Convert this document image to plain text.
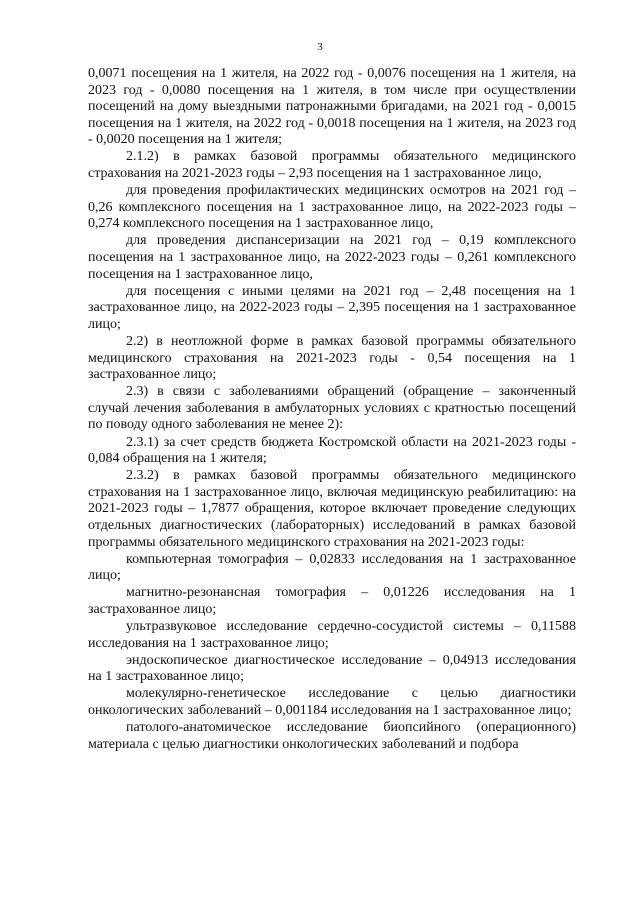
3

0,0071 посещения на 1 жителя, на 2022 год - 0,0076 посещения на 1 жителя, на 2023 год - 0,0080 посещения на 1 жителя, в том числе при осуществлении посещений на дому выездными патронажными бригадами, на 2021 год - 0,0015 посещения на 1 жителя, на 2022 год - 0,0018 посещения на 1 жителя, на 2023 год - 0,0020 посещения на 1 жителя;

2.1.2) в рамках базовой программы обязательного медицинского страхования на 2021-2023 годы – 2,93 посещения на 1 застрахованное лицо,

для проведения профилактических медицинских осмотров на 2021 год – 0,26 комплексного посещения на 1 застрахованное лицо, на 2022-2023 годы – 0,274 комплексного посещения на 1 застрахованное лицо,

для проведения диспансеризации на 2021 год – 0,19 комплексного посещения на 1 застрахованное лицо, на 2022-2023 годы – 0,261 комплексного посещения на 1 застрахованное лицо,

для посещения с иными целями на 2021 год – 2,48 посещения на 1 застрахованное лицо, на 2022-2023 годы – 2,395 посещения на 1 застрахованное лицо;

2.2) в неотложной форме в рамках базовой программы обязательного медицинского страхования на 2021-2023 годы - 0,54 посещения на 1 застрахованное лицо;

2.3) в связи с заболеваниями обращений (обращение – законченный случай лечения заболевания в амбулаторных условиях с кратностью посещений по поводу одного заболевания не менее 2):

2.3.1) за счет средств бюджета Костромской области на 2021-2023 годы - 0,084 обращения на 1 жителя;

2.3.2) в рамках базовой программы обязательного медицинского страхования на 1 застрахованное лицо, включая медицинскую реабилитацию: на 2021-2023 годы – 1,7877 обращения, которое включает проведение следующих отдельных диагностических (лабораторных) исследований в рамках базовой программы обязательного медицинского страхования на 2021-2023 годы:

компьютерная томография – 0,02833 исследования на 1 застрахованное лицо;

магнитно-резонансная томография – 0,01226 исследования на 1 застрахованное лицо;

ультразвуковое исследование сердечно-сосудистой системы – 0,11588 исследования на 1 застрахованное лицо;

эндоскопическое диагностическое исследование – 0,04913 исследования на 1 застрахованное лицо;

молекулярно-генетическое исследование с целью диагностики онкологических заболеваний – 0,001184 исследования на 1 застрахованное лицо;

патолого-анатомическое исследование биопсийного (операционного) материала с целью диагностики онкологических заболеваний и подбора
